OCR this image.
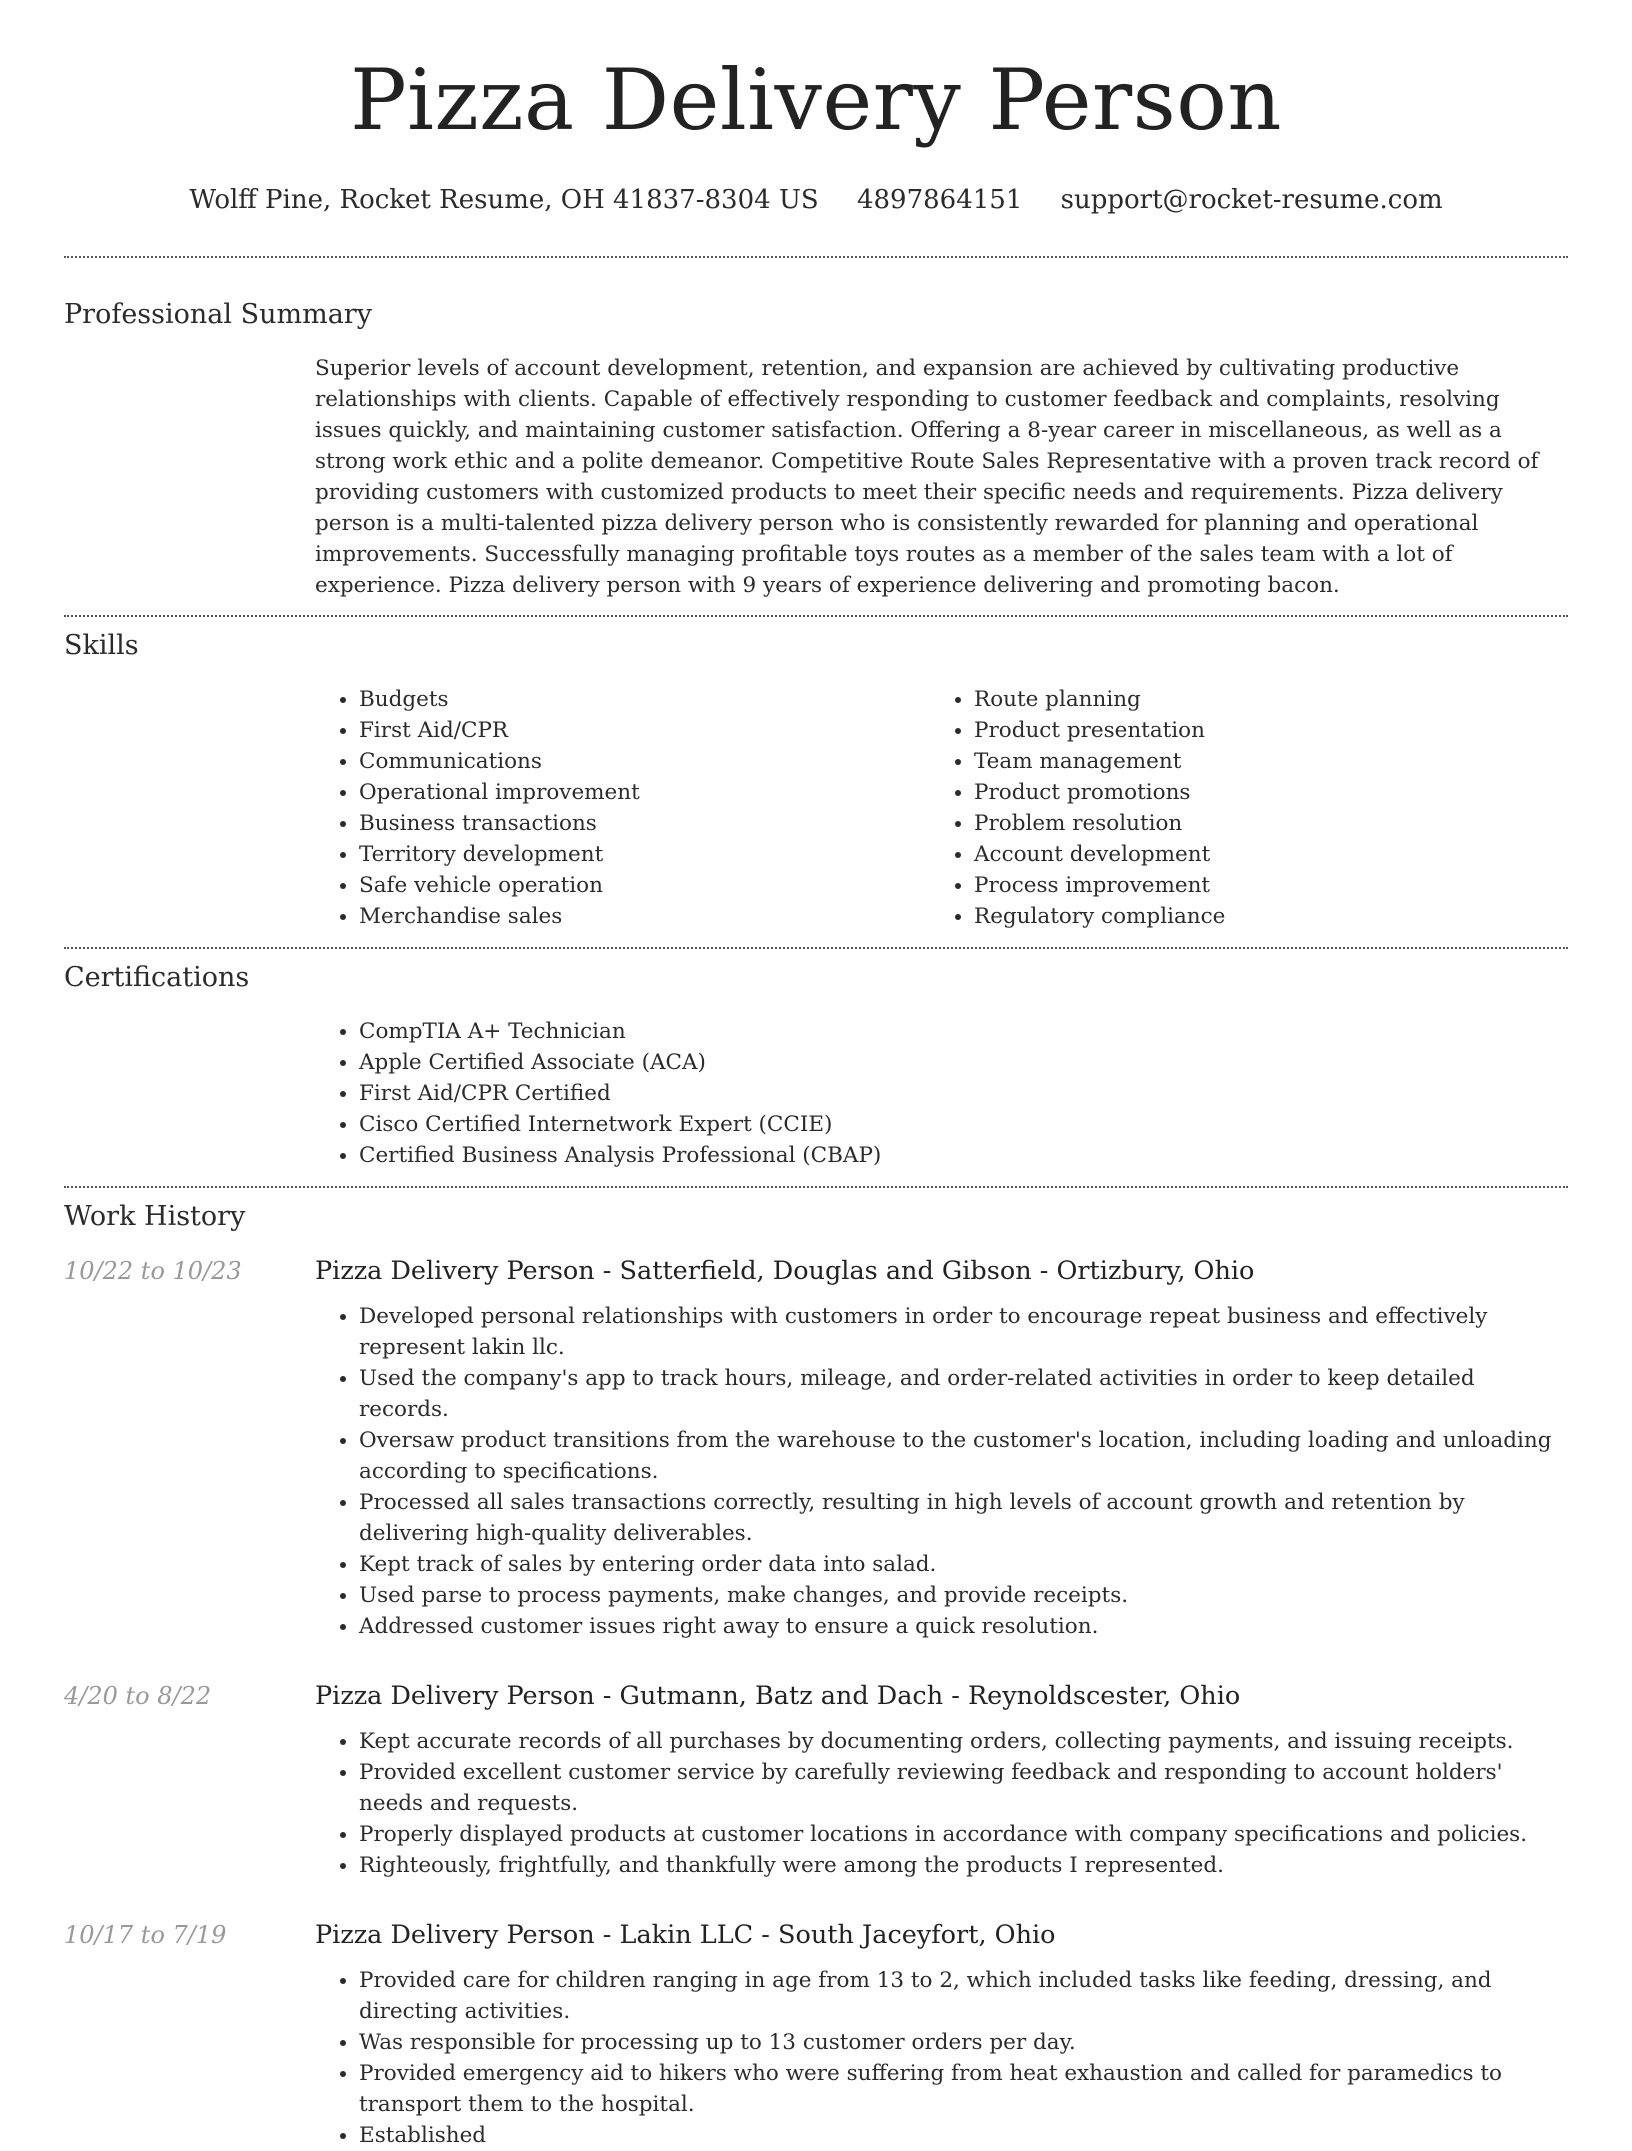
Pizza Delivery Person
Wolff Pine, Rocket Resume, OH 41837-8304 US 4897864151 support@rocket-resume.com
Professional Summary

Superior levels of account development, retention, and expansion are achieved by cultivating productive relationships with clients. Capable of effectively responding to customer feedback and complaints, resolving issues quickly, and maintaining customer satisfaction. Offering a 8-year career in miscellaneous, as well as a strong work ethic and a polite demeanor. Competitive Route Sales Representative with a proven track record of providing customers with customized products to meet their specific needs and requirements. Pizza delivery person is a multi-talented pizza delivery person who is consistently rewarded for planning and operational improvements. Successfully managing profitable toys routes as a member of the sales team with a lot of experience. Pizza delivery person with 9 years of experience delivering and promoting bacon.

Skills
• Budgets
• First Aid/CPR
• Communications
• Operational improvement
• Business transactions
• Territory development
• Safe vehicle operation
• Merchandise sales
• Route planning
• Product presentation
• Team management
• Product promotions
• Problem resolution
• Account development
• Process improvement
• Regulatory compliance
Certifications
• CompTIA A+ Technician
• Apple Certified Associate (ACA)
• First Aid/CPR Certified
• Cisco Certified Internetwork Expert (CCIE)
• Certified Business Analysis Professional (CBAP)
Work History
10/22 to 10/23	Pizza Delivery Person - Satterfield, Douglas and Gibson - Ortizbury, Ohio
• Developed personal relationships with customers in order to encourage repeat business and effectively represent lakin llc.
• Used the company's app to track hours, mileage, and order-related activities in order to keep detailed records.
• Oversaw product transitions from the warehouse to the customer's location, including loading and unloading according to specifications.
• Processed all sales transactions correctly, resulting in high levels of account growth and retention by delivering high-quality deliverables.
• Kept track of sales by entering order data into salad.
• Used parse to process payments, make changes, and provide receipts.
• Addressed customer issues right away to ensure a quick resolution.
4/20 to 8/22	Pizza Delivery Person - Gutmann, Batz and Dach - Reynoldscester, Ohio
• Kept accurate records of all purchases by documenting orders, collecting payments, and issuing receipts.
• Provided excellent customer service by carefully reviewing feedback and responding to account holders' needs and requests.
• Properly displayed products at customer locations in accordance with company specifications and policies.
• Righteously, frightfully, and thankfully were among the products I represented.
10/17 to 7/19	Pizza Delivery Person - Lakin LLC - South Jaceyfort, Ohio
• Provided care for children ranging in age from 13 to 2, which included tasks like feeding, dressing, and directing activities.
• Was responsible for processing up to 13 customer orders per day.
• Provided emergency aid to hikers who were suffering from heat exhaustion and called for paramedics to transport them to the hospital.
• Established
